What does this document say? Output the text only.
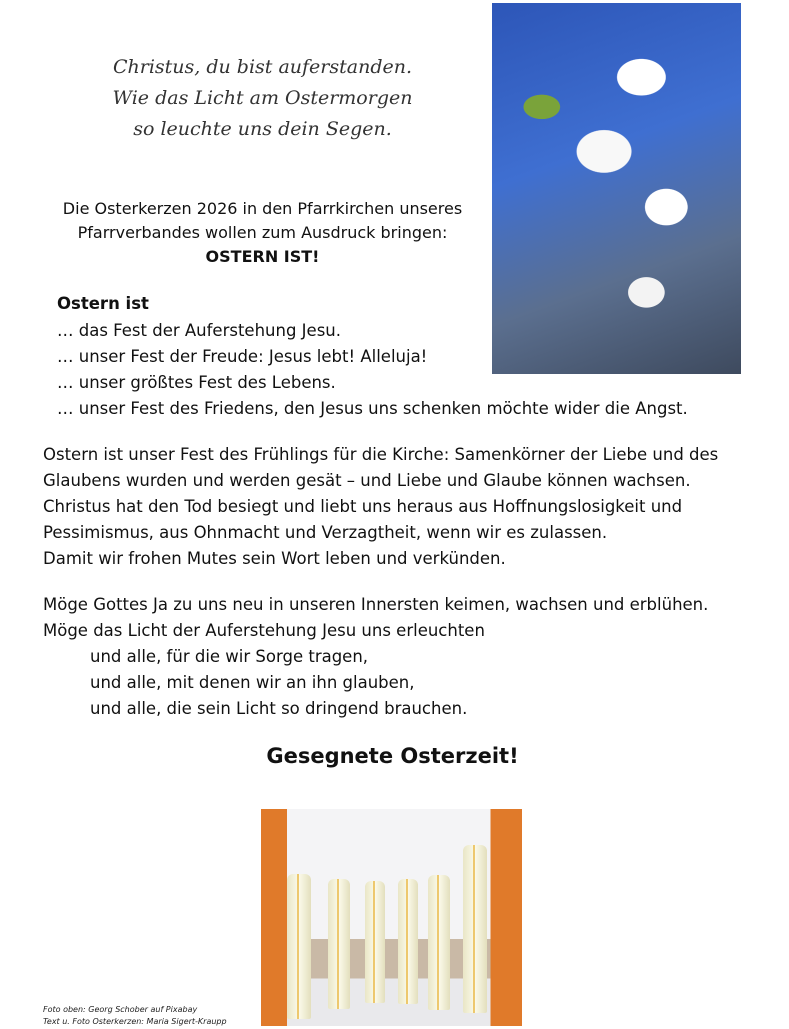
Christus, du bist auferstanden.
Wie das Licht am Ostermorgen
so leuchte uns dein Segen.
Die Osterkerzen 2026 in den Pfarrkirchen unseres
Pfarrverbandes wollen zum Ausdruck bringen:
OSTERN IST!
Ostern ist
… das Fest der Auferstehung Jesu.
… unser Fest der Freude: Jesus lebt! Alleluja!
… unser größtes Fest des Lebens.
… unser Fest des Friedens, den Jesus uns schenken möchte wider die Angst.
Ostern ist unser Fest des Frühlings für die Kirche: Samenkörner der Liebe und des
Glaubens wurden und werden gesät – und Liebe und Glaube können wachsen.
Christus hat den Tod besiegt und liebt uns heraus aus Hoffnungslosigkeit und
Pessimismus, aus Ohnmacht und Verzagtheit, wenn wir es zulassen.
Damit wir frohen Mutes sein Wort leben und verkünden.
Möge Gottes Ja zu uns neu in unseren Innersten keimen, wachsen und erblühen.
Möge das Licht der Auferstehung Jesu uns erleuchten
und alle, für die wir Sorge tragen,
und alle, mit denen wir an ihn glauben,
und alle, die sein Licht so dringend brauchen.
Gesegnete Osterzeit!
Foto oben: Georg Schober auf Pixabay
Text u. Foto Osterkerzen: Maria Sigert-Kraupp
